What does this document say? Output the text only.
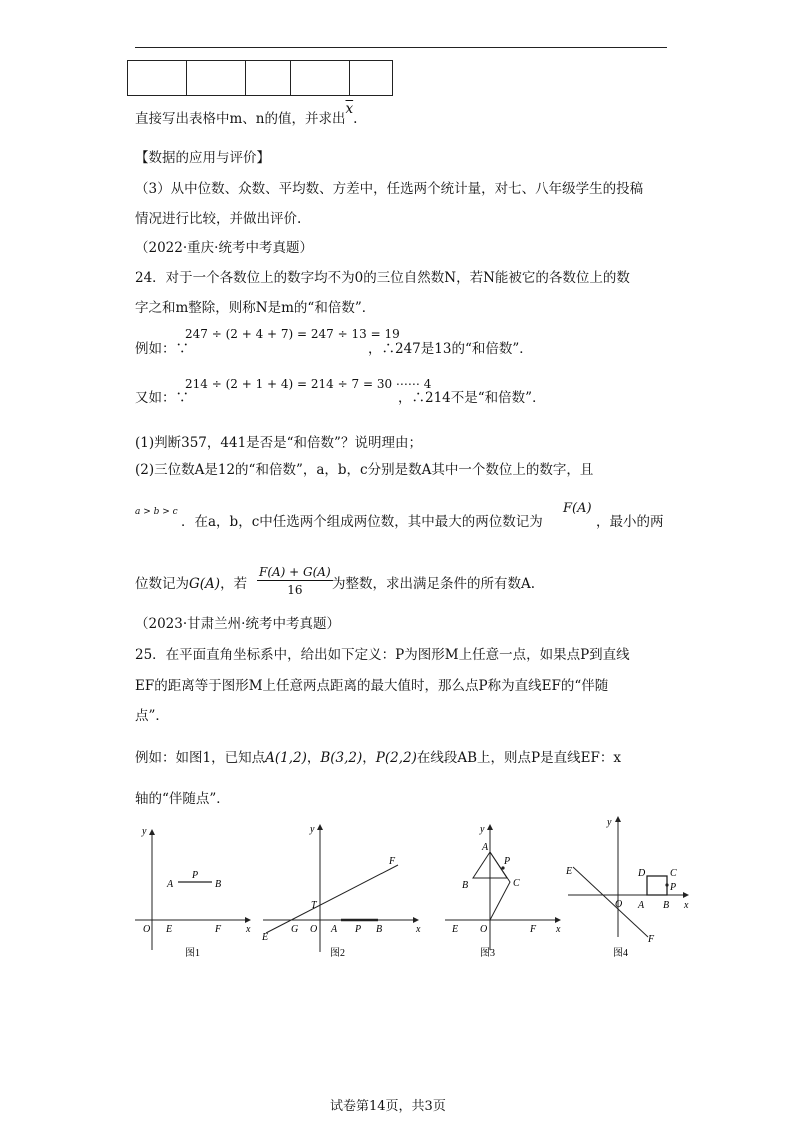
直接写出表格中m、n的值，并求出$\overline{x}$.
【数据的应用与评价】
（3）从中位数、众数、平均数、方差中，任选两个统计量，对七、八年级学生的投稿
情况进行比较，并做出评价.
（2022·重庆·统考中考真题）
24．对于一个各数位上的数字均不为0的三位自然数N，若N能被它的各数位上的数
字之和m整除，则称N是m的“和倍数”．
例如：∵
247 ÷ (2 + 4 + 7) = 247 ÷ 13 = 19
，∴247是13的“和倍数”．
又如：∵
214 ÷ (2 + 1 + 4) = 214 ÷ 7 = 30 ⋯⋯ 4
，∴214不是“和倍数”．
(1)判断357，441是否是“和倍数”？说明理由；
(2)三位数A是12的“和倍数”，a，b，c分别是数A其中一个数位上的数字，且
a > b > c
．在a，b，c中任选两个组成两位数，其中最大的两位数记为
F(A)
，最小的两
位数记为G(A)，若 $\frac{F(A) + G(A)}{16}$ 为整数，求出满足条件的所有数A.
（2023·甘肃兰州·统考中考真题）
25．在平面直角坐标系中，给出如下定义：P为图形M上任意一点，如果点P到直线
EF的距离等于图形M上任意两点距离的最大值时，那么点P称为直线EF的“伴随
点”．
例如：如图1，已知点A(1,2)，B(3,2)，P(2,2)在线段AB上，则点P是直线EF：x
轴的“伴随点”．
y
x
O E	F
A	B
P
图1
y
x
O
E
F
T
G	A P B
图2
y
x
O
E	F
A
B	C
P
图3
y
x
O
E
F
A B
C
D
P
图4
试卷第14页，共3页
